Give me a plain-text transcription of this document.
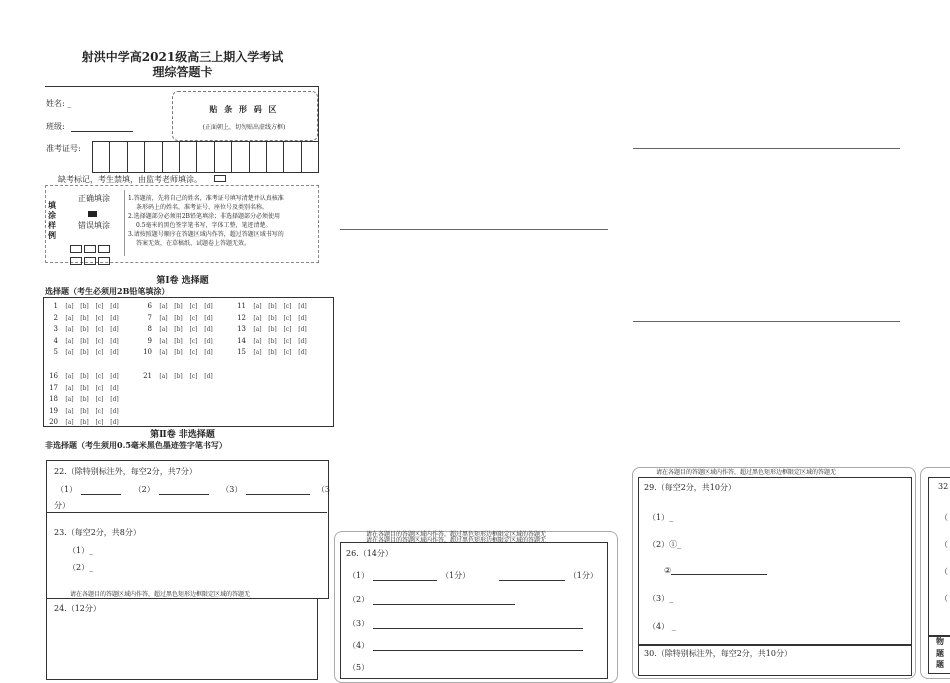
射洪中学高2021级高三上期入学考试
理综答题卡
姓名: _
班级:
贴 条 形 码 区
(正面朝上，切勿贴出虚线方框)
准考证号:
缺考标记，考生禁填，由监考老师填涂。
填涂样例
正确填涂
错误填涂
1.答题前，先将自己的姓名，准考证号填写清楚并认真核准
条形码上的姓名，准考证号、座位号及类别名称。
2.选择题部分必须用2B铅笔填涂；非选择题部分必须使用
0.5毫米的黑色签字笔书写，字体工整，笔迹清楚。
3.请按照题号顺序在答题区域内作答，超过答题区域书写的
答案无效，在草稿纸、试题卷上答题无效。
第Ⅰ卷 选择题
选择题（考生必须用2B铅笔填涂）
1 [a] [b] [c] [d]
2 [a] [b] [c] [d]
3 [a] [b] [c] [d]
4 [a] [b] [c] [d]
5 [a] [b] [c] [d]
6 [a] [b] [c] [d]
7 [a] [b] [c] [d]
8 [a] [b] [c] [d]
9 [a] [b] [c] [d]
10 [a] [b] [c] [d]
11 [a] [b] [c] [d]
12 [a] [b] [c] [d]
13 [a] [b] [c] [d]
14 [a] [b] [c] [d]
15 [a] [b] [c] [d]
16 [a] [b] [c] [d]
17 [a] [b] [c] [d]
18 [a] [b] [c] [d]
19 [a] [b] [c] [d]
20 [a] [b] [c] [d]
21 [a] [b] [c] [d]
第Ⅱ卷 非选择题
非选择题（考生须用0.5毫米黑色墨迹签字笔书写）
22.（除特别标注外，每空2分，共7分）
（1）	（2）	（3）	（3
分）
23.（每空2分，共8分）
（1）_
（2）_
请在各题目的答题区域内作答，超过黑色矩形边框限定区域的答题无
24.（12分）
请在各题目的答题区域内作答，超过黑色矩形边框限定区域的答题无
请在各题目的答题区域内作答，超过黑色矩形边框限定区域的答题无
26.（14分）
（1）	（1分）	（1分）
（2）
（3）
（4）
（5）
请在各题目的答题区域内作答，超过黑色矩形边框限定区域的答题无
29.（每空2分，共10分）
（1）_
（2）①_
②
（3）_
（4） _
30.（除特别标注外，每空2分，共10分）
32
（
（
（
（
物
题
题
